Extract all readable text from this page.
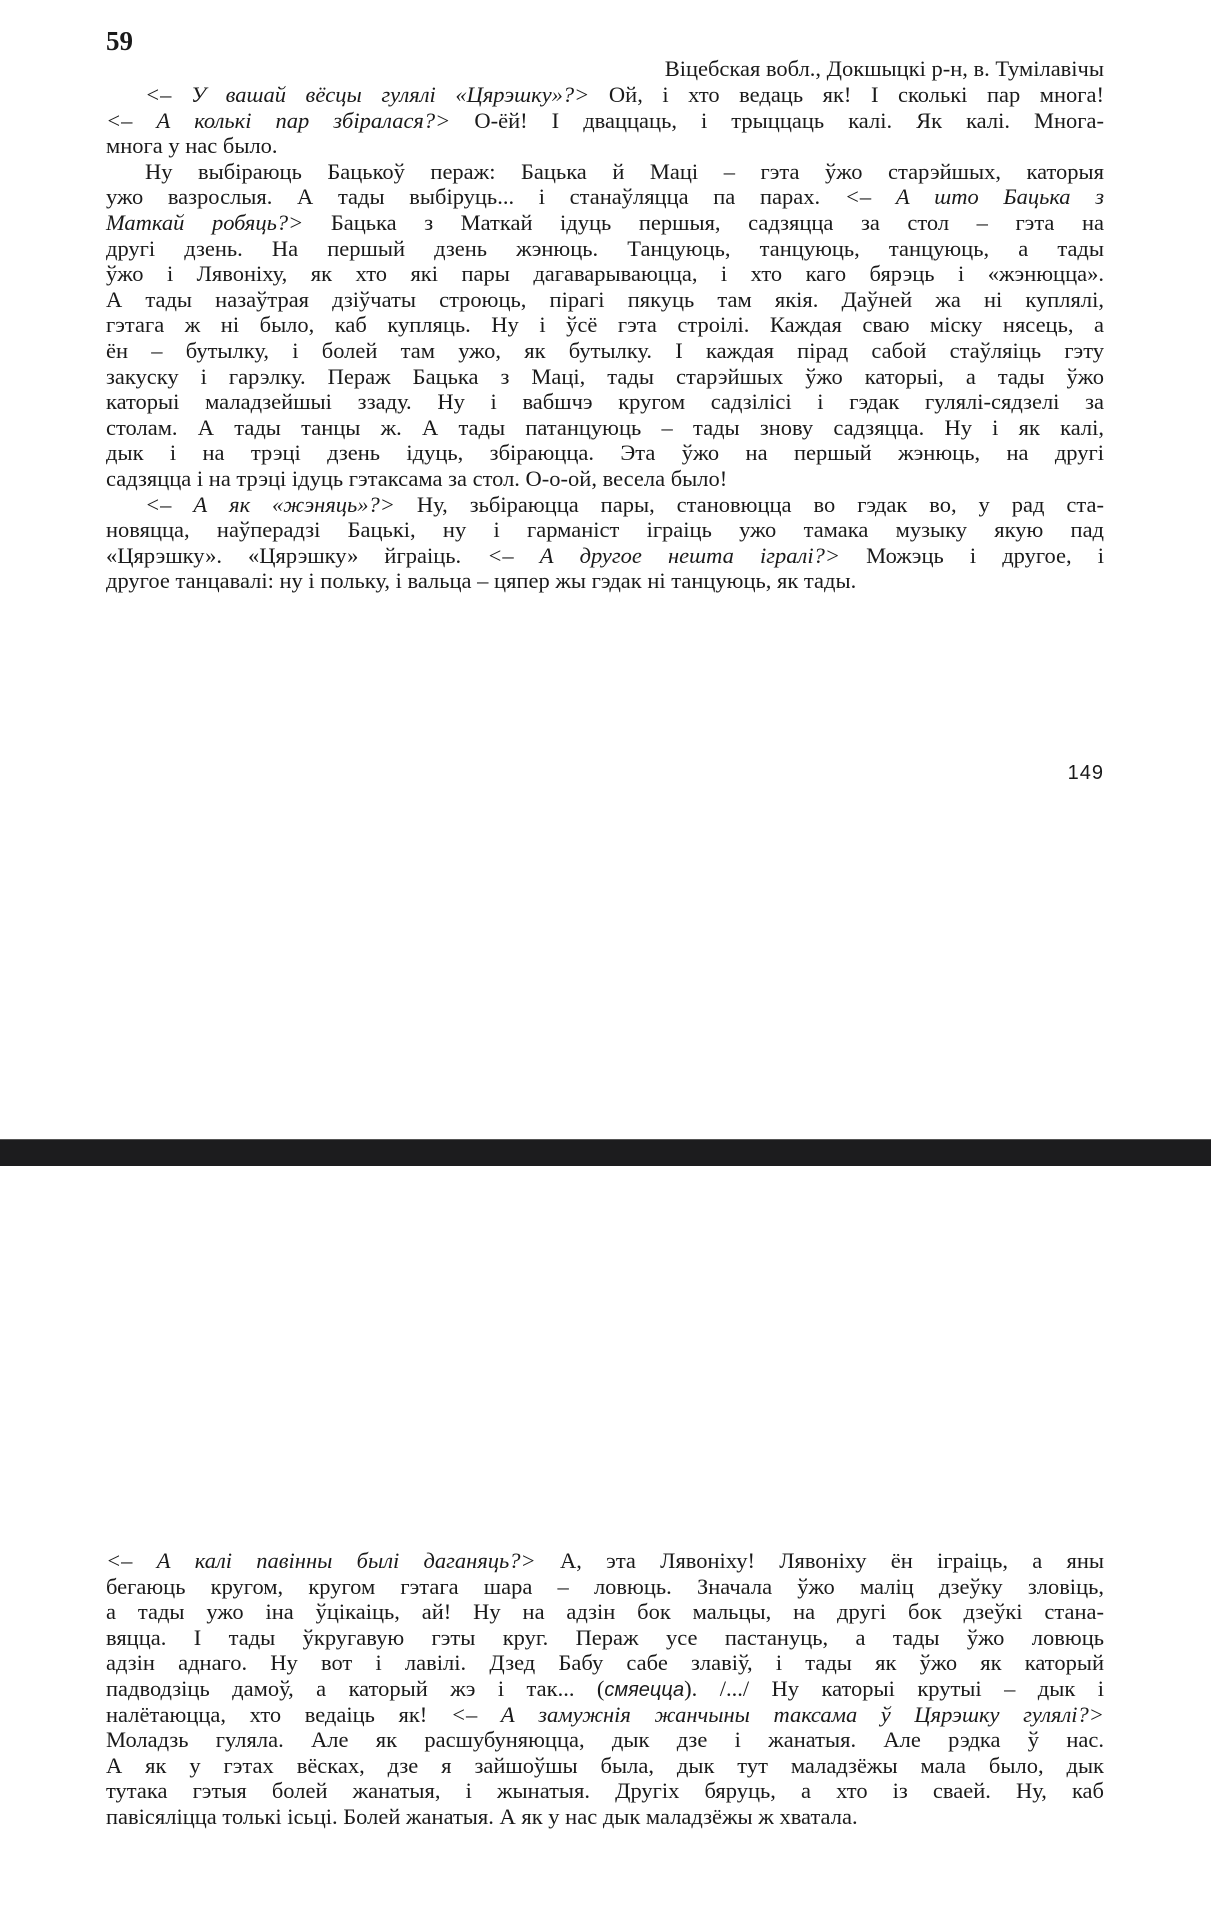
59
Віцебская вобл., Докшыцкі р-н, в. Тумілавічы
<– У вашай вёсцы гулялі «Цярэшку»?> Ой, і хто ведаць як! І сколькі пар многа!
<– А колькі пар збіралася?> О-ёй! І дваццаць, і трыццаць калі. Як калі. Многа-
многа у нас было.
Ну выбіраюць Бацькоў пераж: Бацька й Маці – гэта ўжо старэйшых, каторыя
ужо вазрослыя. А тады выбіруць... і станаўляцца па парах. <– А што Бацька з
Маткай робяць?> Бацька з Маткай ідуць першыя, садзяцца за стол – гэта на
другі дзень. На першый дзень жэнюць. Танцуюць, танцуюць, танцуюць, а тады
ўжо і Лявоніху, як хто які пары дагаварываюцца, і хто каго бярэць і «жэнюцца».
А тады назаўтрая дзіўчаты строюць, пірагі пякуць там якія. Даўней жа ні куплялі,
гэтага ж ні было, каб купляць. Ну і ўсё гэта строілі. Каждая сваю міску нясець, а
ён – бутылку, і болей там ужо, як бутылку. І каждая пірад сабой стаўляіць гэту
закуску і гарэлку. Пераж Бацька з Маці, тады старэйшых ўжо каторыі, а тады ўжо
каторыі маладзейшыі ззаду. Ну і вабшчэ кругом садзілісі і гэдак гулялі-сядзелі за
столам. А тады танцы ж. А тады патанцуюць – тады знову садзяцца. Ну і як калі,
дык і на трэці дзень ідуць, збіраюцца. Эта ўжо на першый жэнюць, на другі
садзяцца і на трэці ідуць гэтаксама за стол. О-о-ой, весела было!
<– А як «жэняць»?> Ну, зьбіраюцца пары, становюцца во гэдак во, у рад ста-
новяцца, наўперадзі Бацькі, ну і гарманіст іграіць ужо тамака музыку якую пад
«Цярэшку». «Цярэшку» йграіць. <– А другое нешта ігралі?> Можэць і другое, і
другое танцавалі: ну і польку, і вальца – цяпер жы гэдак ні танцуюць, як тады.
149
<– А калі павінны былі даганяць?> А, эта Лявоніху! Лявоніху ён іграіць, а яны
бегаюць кругом, кругом гэтага шара – ловюць. Значала ўжо маліц дзеўку зловіць,
а тады ужо іна ўцікаіць, ай! Ну на адзін бок мальцы, на другі бок дзеўкі стана-
вяцца. І тады ўкругавую гэты круг. Пераж усе пастануць, а тады ўжо ловюць
адзін аднаго. Ну вот і лавілі. Дзед Бабу сабе злавіў, і тады як ўжо як каторый
падводзіць дамоў, а каторый жэ і так... (смяецца). /.../ Ну каторыі крутыі – дык і
налётаюцца, хто ведаіць як! <– А замужнія жанчыны таксама ў Цярэшку гулялі?>
Моладзь гуляла. Але як расшубуняюцца, дык дзе і жанатыя. Але рэдка ў нас.
А як у гэтах вёсках, дзе я зайшоўшы была, дык тут маладзёжы мала было, дык
тутака гэтыя болей жанатыя, і жынатыя. Другіх бяруць, а хто із сваей. Ну, каб
павісяліцца толькі ісьці. Болей жанатыя. А як у нас дык маладзёжы ж хватала.
